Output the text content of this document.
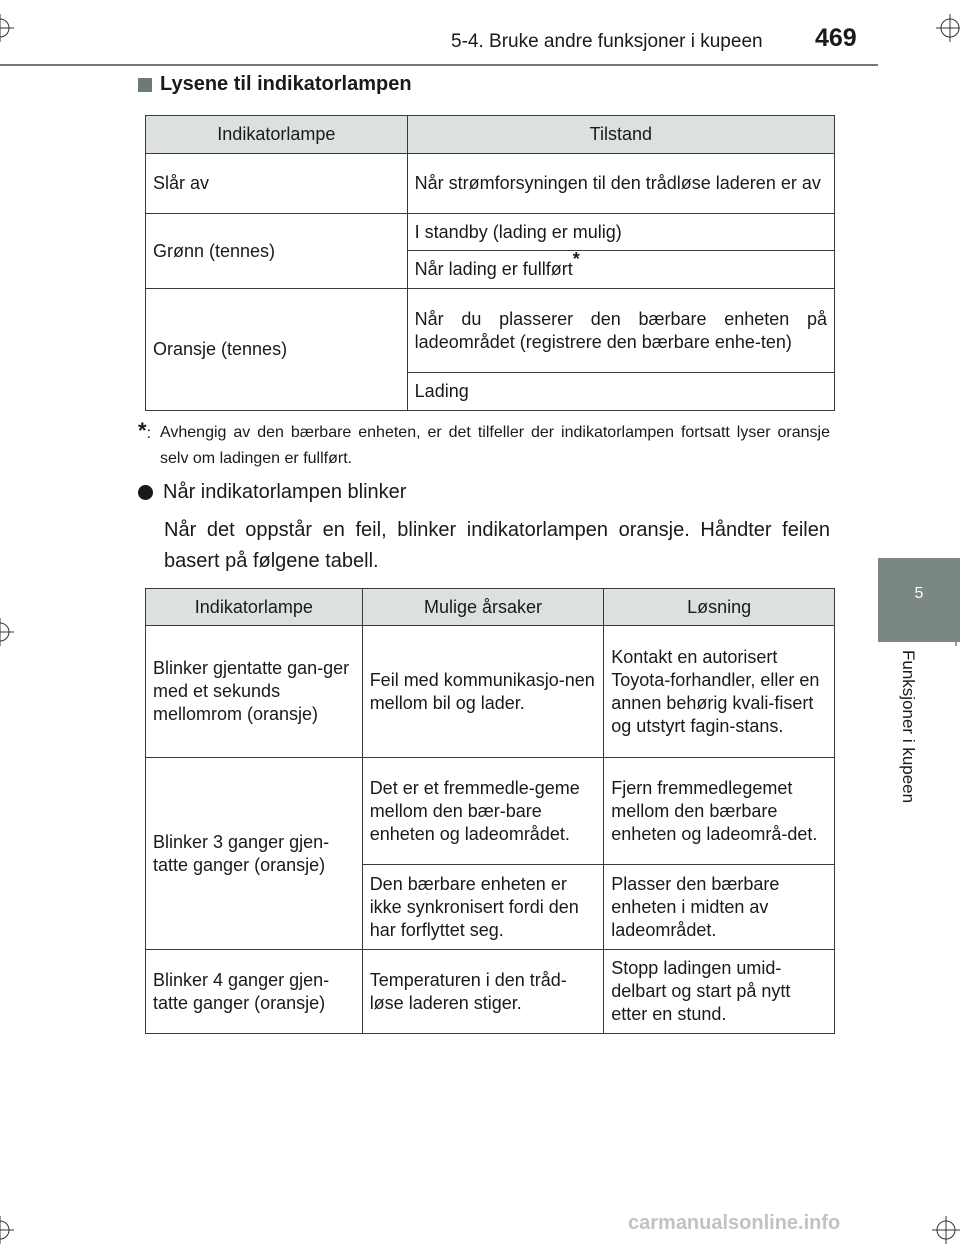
5-4. Bruke andre funksjoner i kupeen 469
5
Funksjoner i kupeen
Lysene til indikatorlampen
Indikatorlampe	Tilstand
Slår av	Når strømforsyningen til den trådløse laderen er av
Grønn (tennes)	I standby (lading er mulig)
	Når lading er fullført*
Oransje (tennes)	Når du plasserer den bærbare enheten på ladeområdet (registrere den bærbare enhe-ten)
	Lading
*: Avhengig av den bærbare enheten, er det tilfeller der indikatorlampen fortsatt lyser oransje selv om ladingen er fullført.
Når indikatorlampen blinker
Når det oppstår en feil, blinker indikatorlampen oransje. Håndter feilen basert på følgene tabell.
Indikatorlampe	Mulige årsaker	Løsning
Blinker gjentatte gan-ger med et sekunds mellomrom (oransje)	Feil med kommunikasjo-nen mellom bil og lader.	Kontakt en autorisert Toyota-forhandler, eller en annen behørig kvali-fisert og utstyrt fagin-stans.
Blinker 3 ganger gjen-tatte ganger (oransje)	Det er et fremmedle-geme mellom den bær-bare enheten og ladeområdet.	Fjern fremmedlegemet mellom den bærbare enheten og ladeområ-det.
	Den bærbare enheten er ikke synkronisert fordi den har forflyttet seg.	Plasser den bærbare enheten i midten av ladeområdet.
Blinker 4 ganger gjen-tatte ganger (oransje)	Temperaturen i den tråd-løse laderen stiger.	Stopp ladingen umid-delbart og start på nytt etter en stund.
carmanualsonline.info
